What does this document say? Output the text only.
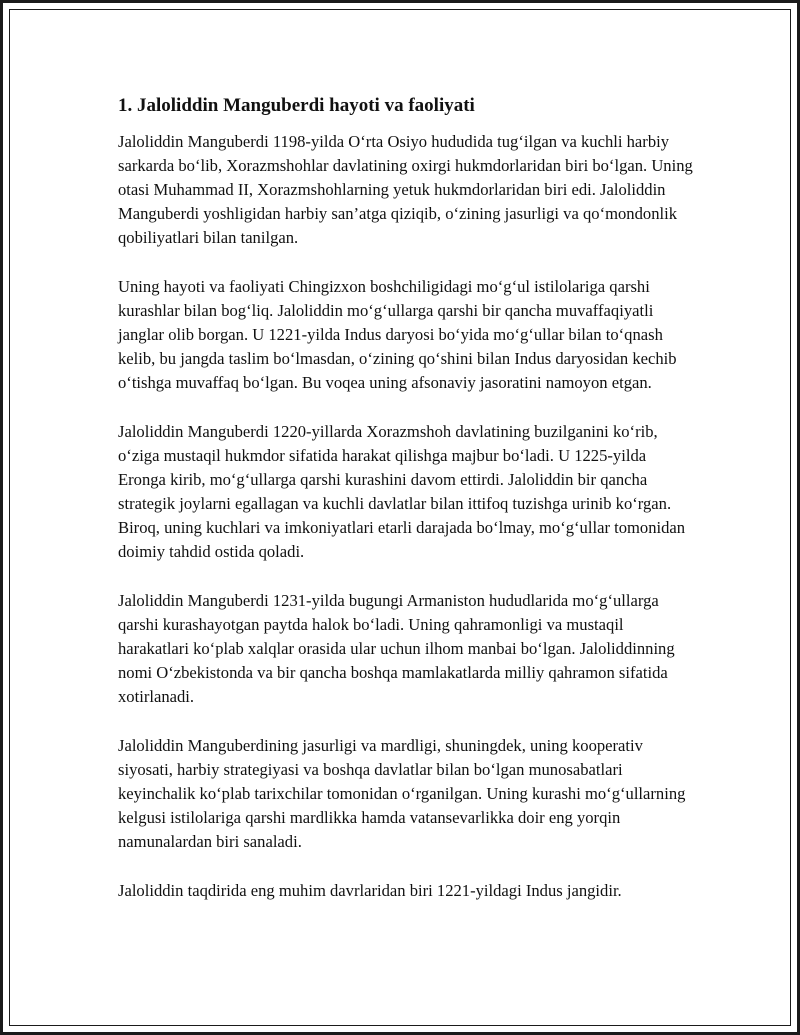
1. Jaloliddin Manguberdi hayoti va faoliyati

Jaloliddin Manguberdi 1198-yilda O‘rta Osiyo hududida tug‘ilgan va kuchli harbiy sarkarda bo‘lib, Xorazmshohlar davlatining oxirgi hukmdorlaridan biri bo‘lgan. Uning otasi Muhammad II, Xorazmshohlarning yetuk hukmdorlaridan biri edi. Jaloliddin Manguberdi yoshligidan harbiy san’atga qiziqib, o‘zining jasurligi va qo‘mondonlik qobiliyatlari bilan tanilgan.

Uning hayoti va faoliyati Chingizxon boshchiligidagi mo‘g‘ul istilolariga qarshi kurashlar bilan bog‘liq. Jaloliddin mo‘g‘ullarga qarshi bir qancha muvaffaqiyatli janglar olib borgan. U 1221-yilda Indus daryosi bo‘yida mo‘g‘ullar bilan to‘qnash kelib, bu jangda taslim bo‘lmasdan, o‘zining qo‘shini bilan Indus daryosidan kechib o‘tishga muvaffaq bo‘lgan. Bu voqea uning afsonaviy jasoratini namoyon etgan.

Jaloliddin Manguberdi 1220-yillarda Xorazmshoh davlatining buzilganini ko‘rib, o‘ziga mustaqil hukmdor sifatida harakat qilishga majbur bo‘ladi. U 1225-yilda Eronga kirib, mo‘g‘ullarga qarshi kurashini davom ettirdi. Jaloliddin bir qancha strategik joylarni egallagan va kuchli davlatlar bilan ittifoq tuzishga urinib ko‘rgan. Biroq, uning kuchlari va imkoniyatlari etarli darajada bo‘lmay, mo‘g‘ullar tomonidan doimiy tahdid ostida qoladi.

Jaloliddin Manguberdi 1231-yilda bugungi Armaniston hududlarida mo‘g‘ullarga qarshi kurashayotgan paytda halok bo‘ladi. Uning qahramonligi va mustaqil harakatlari ko‘plab xalqlar orasida ular uchun ilhom manbai bo‘lgan. Jaloliddinning nomi O‘zbekistonda va bir qancha boshqa mamlakatlarda milliy qahramon sifatida xotirlanadi.

Jaloliddin Manguberdining jasurligi va mardligi, shuningdek, uning kooperativ siyosati, harbiy strategiyasi va boshqa davlatlar bilan bo‘lgan munosabatlari keyinchalik ko‘plab tarixchilar tomonidan o‘rganilgan. Uning kurashi mo‘g‘ullarning kelgusi istilolariga qarshi mardlikka hamda vatansevarlikka doir eng yorqin namunalardan biri sanaladi.

Jaloliddin taqdirida eng muhim davrlaridan biri 1221-yildagi Indus jangidir.
